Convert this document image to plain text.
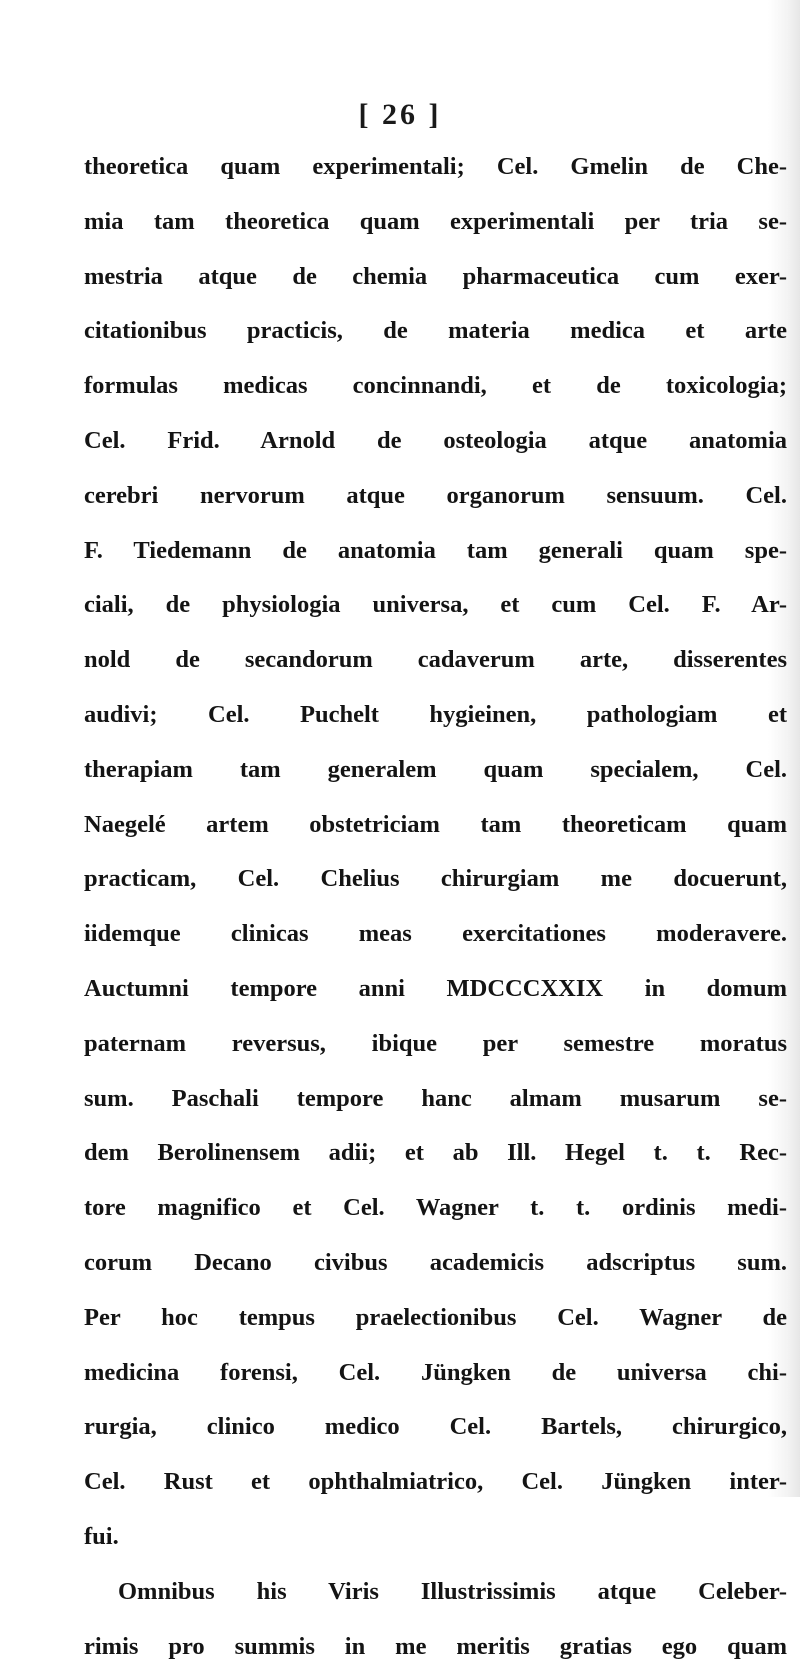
[ 26 ]
theoretica quam experimentali; Cel. Gmelin de Che-
mia tam theoretica quam experimentali per tria se-
mestria atque de chemia pharmaceutica cum exer-
citationibus practicis, de materia medica et arte
formulas medicas concinnandi, et de toxicologia;
Cel. Frid. Arnold de osteologia atque anatomia
cerebri nervorum atque organorum sensuum. Cel.
F. Tiedemann de anatomia tam generali quam spe-
ciali, de physiologia universa, et cum Cel. F. Ar-
nold de secandorum cadaverum arte, disserentes
audivi; Cel. Puchelt hygieinen, pathologiam et
therapiam tam generalem quam specialem, Cel.
Naegelé artem obstetriciam tam theoreticam quam
practicam, Cel. Chelius chirurgiam me docuerunt,
iidemque clinicas meas exercitationes moderavere.
Auctumni tempore anni MDCCCXXIX in domum
paternam reversus, ibique per semestre moratus
sum. Paschali tempore hanc almam musarum se-
dem Berolinensem adii; et ab Ill. Hegel t. t. Rec-
tore magnifico et Cel. Wagner t. t. ordinis medi-
corum Decano civibus academicis adscriptus sum.
Per hoc tempus praelectionibus Cel. Wagner de
medicina forensi, Cel. Jüngken de universa chi-
rurgia, clinico medico Cel. Bartels, chirurgico,
Cel. Rust et ophthalmiatrico, Cel. Jüngken inter-
fui.
Omnibus his Viris Illustrissimis atque Celeber-
rimis pro summis in me meritis gratias ego quam
